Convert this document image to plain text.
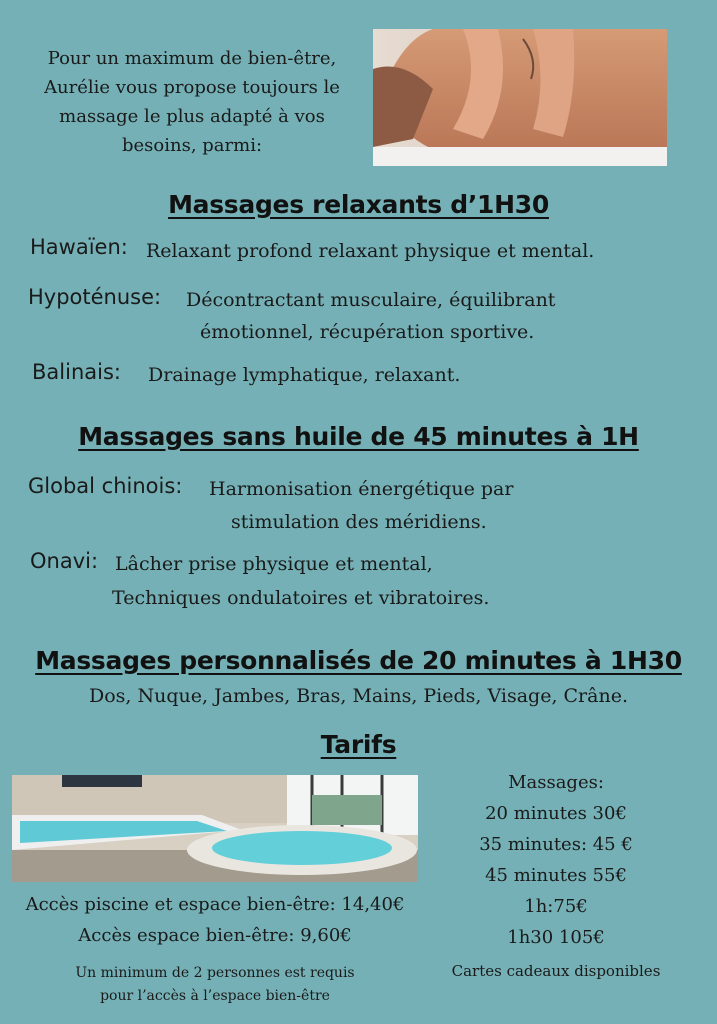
Pour un maximum de bien-être, Aurélie vous propose toujours le massage le plus adapté à vos besoins, parmi:
Massages relaxants d’1H30
Hawaïen: Relaxant profond relaxant physique et mental.
Hypoténuse: Décontractant musculaire, équilibrant
émotionnel, récupération sportive.
Balinais: Drainage lymphatique, relaxant.
Massages sans huile de 45 minutes à 1H
Global chinois: Harmonisation énergétique par
stimulation des méridiens.
Onavi: Lâcher prise physique et mental,
Techniques ondulatoires et vibratoires.
Massages personnalisés de 20 minutes à 1H30
Dos, Nuque, Jambes, Bras, Mains, Pieds, Visage, Crâne.
Tarifs
Accès piscine et espace bien-être: 14,40€
Accès espace bien-être: 9,60€
Un minimum de 2 personnes est requis
pour l’accès à l’espace bien-être
Massages:
20 minutes 30€
35 minutes: 45 €
45 minutes 55€
1h:75€
1h30 105€
Cartes cadeaux disponibles
